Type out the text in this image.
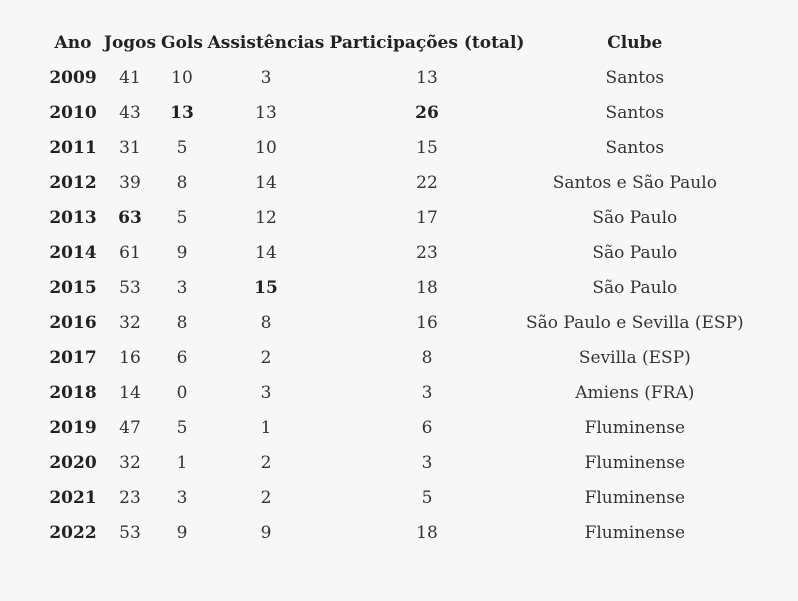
Ano	Jogos	Gols	Assistências	Participações (total)	Clube
2009	41	10	3	13	Santos
2010	43	13	13	26	Santos
2011	31	5	10	15	Santos
2012	39	8	14	22	Santos e São Paulo
2013	63	5	12	17	São Paulo
2014	61	9	14	23	São Paulo
2015	53	3	15	18	São Paulo
2016	32	8	8	16	São Paulo e Sevilla (ESP)
2017	16	6	2	8	Sevilla (ESP)
2018	14	0	3	3	Amiens (FRA)
2019	47	5	1	6	Fluminense
2020	32	1	2	3	Fluminense
2021	23	3	2	5	Fluminense
2022	53	9	9	18	Fluminense
